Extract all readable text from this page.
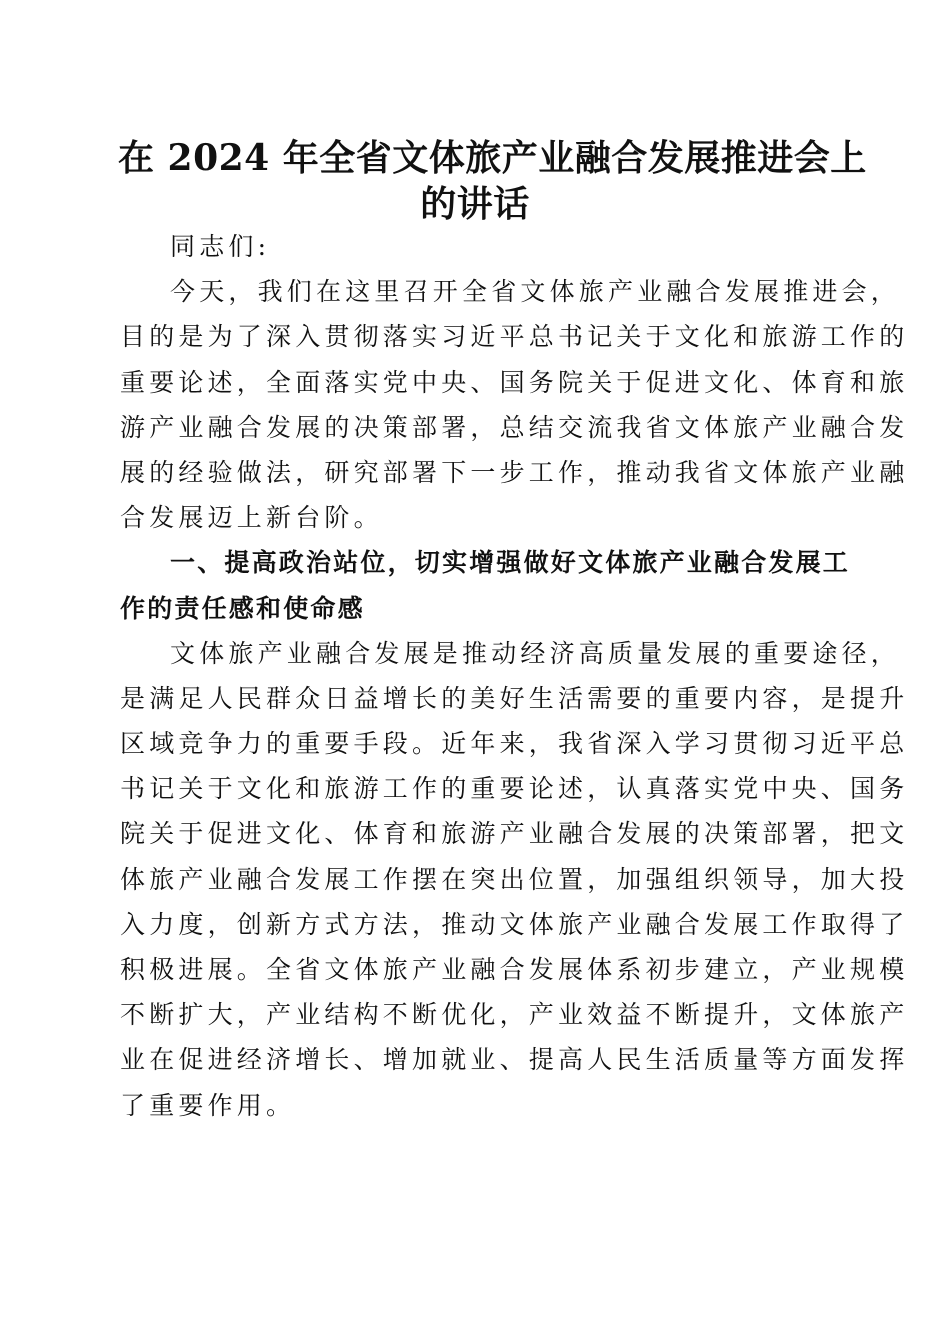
在 2024 年全省文体旅产业融合发展推进会上
的讲话
同志们:
今天，我们在这里召开全省文体旅产业融合发展推进会，
目的是为了深入贯彻落实习近平总书记关于文化和旅游工作的
重要论述，全面落实党中央、国务院关于促进文化、体育和旅
游产业融合发展的决策部署，总结交流我省文体旅产业融合发
展的经验做法，研究部署下一步工作，推动我省文体旅产业融
合发展迈上新台阶。
一、提高政治站位，切实增强做好文体旅产业融合发展工
作的责任感和使命感
文体旅产业融合发展是推动经济高质量发展的重要途径，
是满足人民群众日益增长的美好生活需要的重要内容，是提升
区域竞争力的重要手段。近年来，我省深入学习贯彻习近平总
书记关于文化和旅游工作的重要论述，认真落实党中央、国务
院关于促进文化、体育和旅游产业融合发展的决策部署，把文
体旅产业融合发展工作摆在突出位置，加强组织领导，加大投
入力度，创新方式方法，推动文体旅产业融合发展工作取得了
积极进展。全省文体旅产业融合发展体系初步建立，产业规模
不断扩大，产业结构不断优化，产业效益不断提升，文体旅产
业在促进经济增长、增加就业、提高人民生活质量等方面发挥
了重要作用。
